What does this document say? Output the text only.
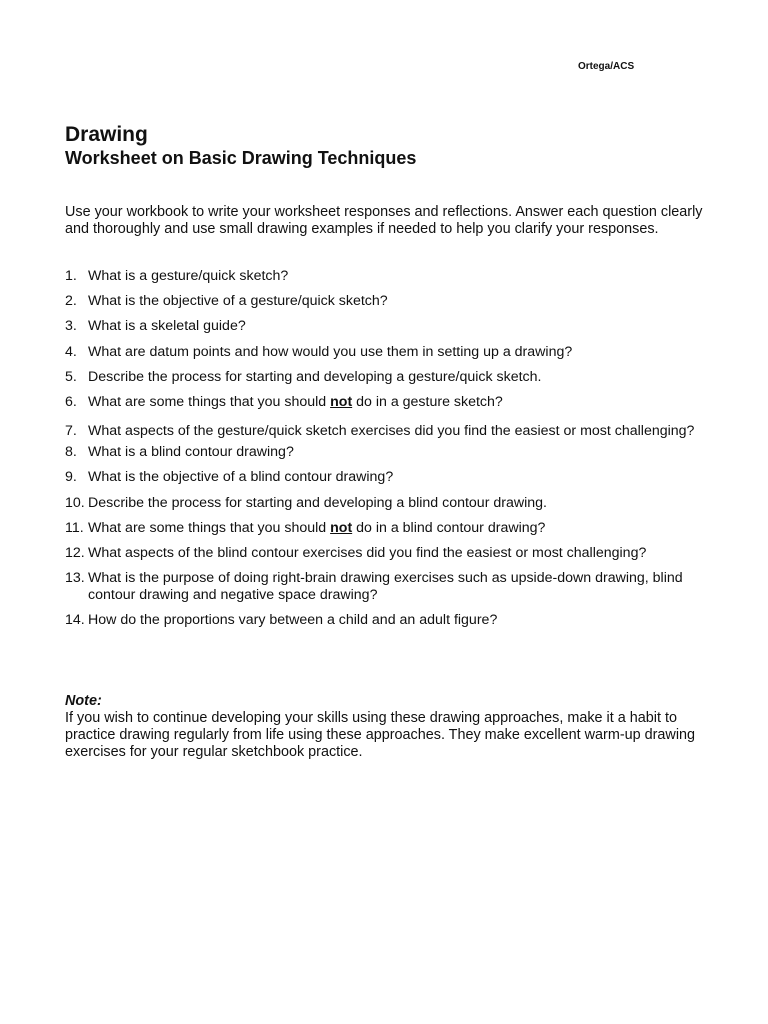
Ortega/ACS
Drawing
Worksheet on Basic Drawing Techniques

Use your workbook to write your worksheet responses and reflections. Answer each question clearly and thoroughly and use small drawing examples if needed to help you clarify your responses.

1. What is a gesture/quick sketch?
2. What is the objective of a gesture/quick sketch?
3. What is a skeletal guide?
4. What are datum points and how would you use them in setting up a drawing?
5. Describe the process for starting and developing a gesture/quick sketch.
6. What are some things that you should not do in a gesture sketch?
7. What aspects of the gesture/quick sketch exercises did you find the easiest or most challenging?
8. What is a blind contour drawing?
9. What is the objective of a blind contour drawing?
10. Describe the process for starting and developing a blind contour drawing.
11. What are some things that you should not do in a blind contour drawing?
12. What aspects of the blind contour exercises did you find the easiest or most challenging?
13. What is the purpose of doing right-brain drawing exercises such as upside-down drawing, blind contour drawing and negative space drawing?
14. How do the proportions vary between a child and an adult figure?

Note:

If you wish to continue developing your skills using these drawing approaches, make it a habit to practice drawing regularly from life using these approaches. They make excellent warm-up drawing exercises for your regular sketchbook practice.
